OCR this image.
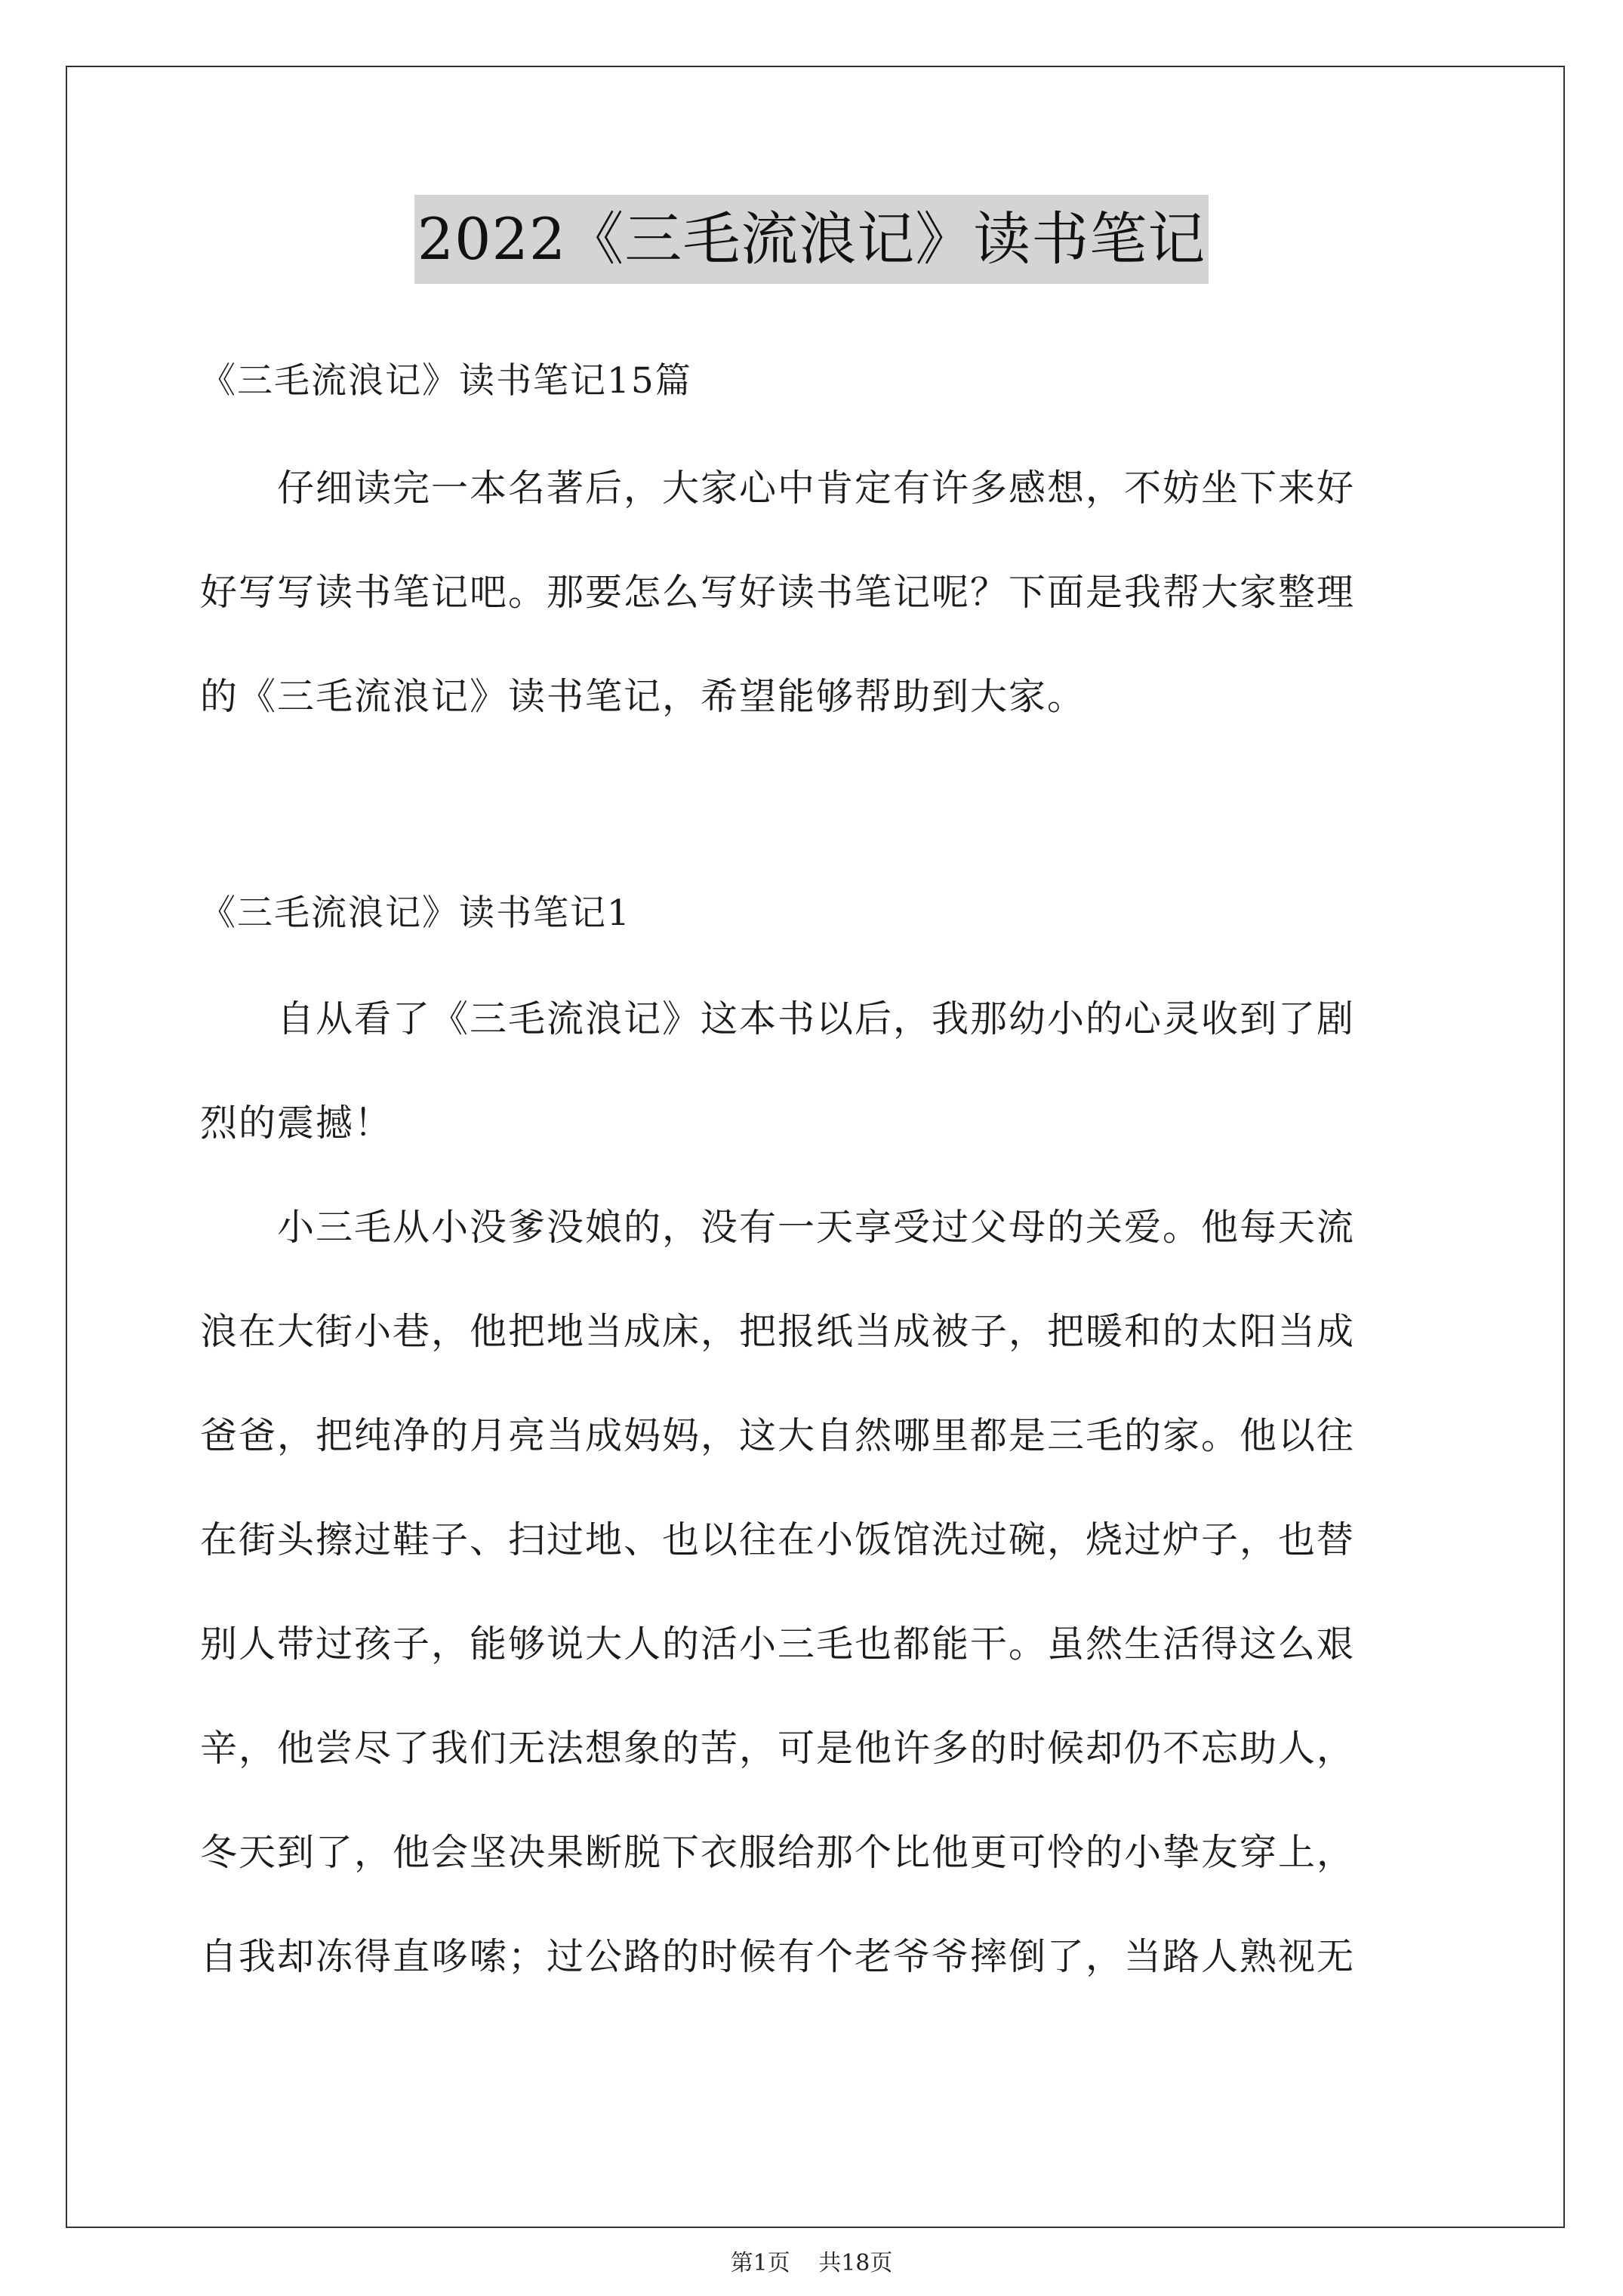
2022《三毛流浪记》读书笔记
《三毛流浪记》读书笔记15篇
　　仔细读完一本名著后，大家心中肯定有许多感想，不妨坐下来好
好写写读书笔记吧。那要怎么写好读书笔记呢？下面是我帮大家整理
的《三毛流浪记》读书笔记，希望能够帮助到大家。
《三毛流浪记》读书笔记1
　　自从看了《三毛流浪记》这本书以后，我那幼小的心灵收到了剧
烈的震撼！
　　小三毛从小没爹没娘的，没有一天享受过父母的关爱。他每天流
浪在大街小巷，他把地当成床，把报纸当成被子，把暖和的太阳当成
爸爸，把纯净的月亮当成妈妈，这大自然哪里都是三毛的家。他以往
在街头擦过鞋子、扫过地、也以往在小饭馆洗过碗，烧过炉子，也替
别人带过孩子，能够说大人的活小三毛也都能干。虽然生活得这么艰
辛，他尝尽了我们无法想象的苦，可是他许多的时候却仍不忘助人，
冬天到了，他会坚决果断脱下衣服给那个比他更可怜的小挚友穿上，
自我却冻得直哆嗦；过公路的时候有个老爷爷摔倒了，当路人熟视无
第1页 共18页
